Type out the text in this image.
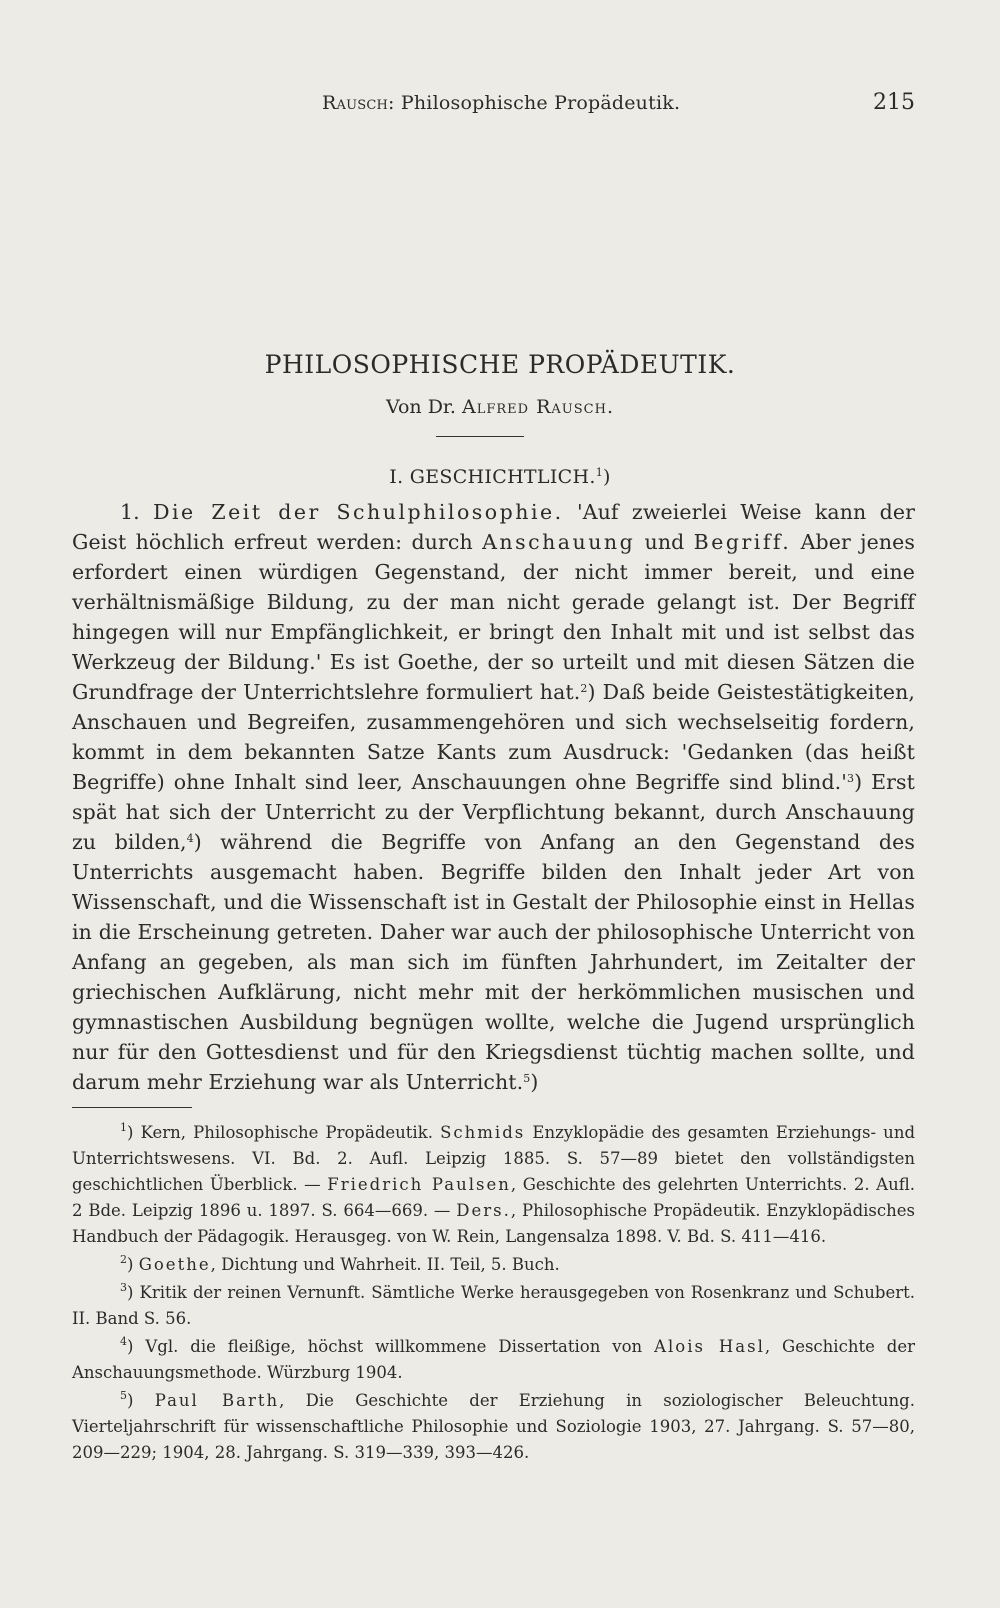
Rausch: Philosophische Propädeutik.	215
PHILOSOPHISCHE PROPÄDEUTIK.
Von Dr. Alfred Rausch.
I. GESCHICHTLICH.$^1$)
1. Die Zeit der Schulphilosophie. 'Auf zweierlei Weise kann der Geist höchlich erfreut werden: durch Anschauung und Begriff. Aber jenes erfordert einen würdigen Gegenstand, der nicht immer bereit, und eine verhältnismäßige Bildung, zu der man nicht gerade gelangt ist. Der Begriff hingegen will nur Empfänglichkeit, er bringt den Inhalt mit und ist selbst das Werkzeug der Bildung.' Es ist Goethe, der so urteilt und mit diesen Sätzen die Grundfrage der Unterrichtslehre formuliert hat.$^2$) Daß beide Geistestätigkeiten, Anschauen und Begreifen, zusammengehören und sich wechselseitig fordern, kommt in dem bekannten Satze Kants zum Ausdruck: 'Gedanken (das heißt Begriffe) ohne Inhalt sind leer, Anschauungen ohne Begriffe sind $blind.'^3$) Erst spät hat sich der Unterricht zu der Verpflichtung bekannt, durch Anschauung zu bilden,$^4$) während die Begriffe von Anfang an den Gegenstand des Unterrichts ausgemacht haben. Begriffe bilden den Inhalt jeder Art von Wissenschaft, und die Wissenschaft ist in Gestalt der Philosophie einst in Hellas in die Erscheinung getreten. Daher war auch der philosophische Unterricht von Anfang an gegeben, als man sich im fünften Jahrhundert, im Zeitalter der griechischen Aufklärung, nicht mehr mit der herkömmlichen musischen und gymnastischen Ausbildung begnügen wollte, welche die Jugend ursprünglich nur für den Gottesdienst und für den Kriegsdienst tüchtig machen sollte, und darum mehr Erziehung war als Unterricht.$^5$)

$^1$) Kern, Philosophische Propädeutik. Schmids Enzyklopädie des gesamten Erziehungs- und Unterrichtswesens. VI. Bd. 2. Aufl. Leipzig 1885. S. 57—89 bietet den vollständigsten geschichtlichen Überblick. — Friedrich Paulsen, Geschichte des gelehrten Unterrichts. 2. Aufl. 2 Bde. Leipzig 1896 u. 1897. S. 664—669. — Ders., Philosophische Propädeutik. Enzyklopädisches Handbuch der Pädagogik. Herausgeg. von W. Rein, Langensalza 1898. V. Bd. S. 411—416.

$^2$) Goethe, Dichtung und Wahrheit. II. Teil, 5. Buch.

$^3$) Kritik der reinen Vernunft. Sämtliche Werke herausgegeben von Rosenkranz und Schubert. II. Band S. 56.

$^4$) Vgl. die fleißige, höchst willkommene Dissertation von Alois Hasl, Geschichte der Anschauungsmethode. Würzburg 1904.

$^5$) Paul Barth, Die Geschichte der Erziehung in soziologischer Beleuchtung. Vierteljahrschrift für wissenschaftliche Philosophie und Soziologie 1903, 27. Jahrgang. S. 57—80, 209—229; 1904, 28. Jahrgang. S. 319—339, 393—426.
